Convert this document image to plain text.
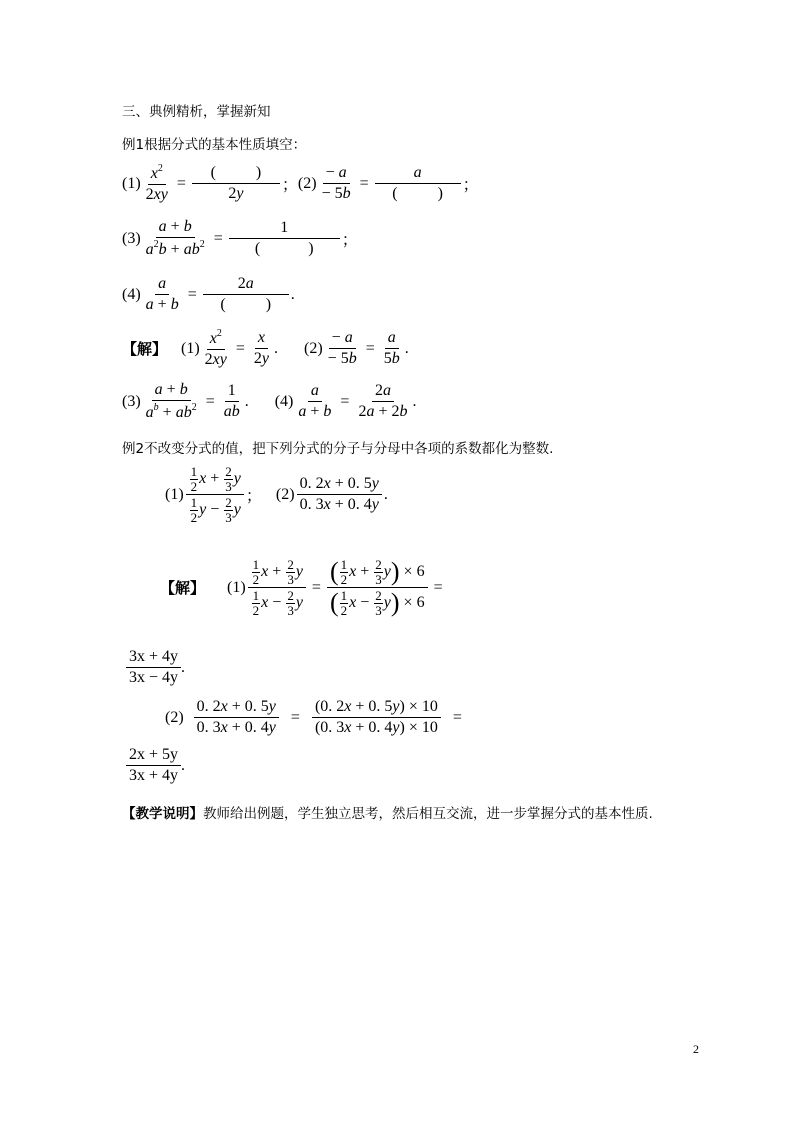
三、典例精析，掌握新知
例1根据分式的基本性质填空：
$(1) \frac{x^2}{2xy} = \frac{( )}{2y}$ ； $(2) \frac{- a}{- 5b} = \frac{a}{( )}$ ；
$(3) \frac{a + b}{a^2b + ab^2} = \frac{1}{( )}$ ；
$(4) \frac{a}{a + b} = \frac{2a}{( )}$ .
【解】 $(1) \frac{x^2}{2xy} = \frac{x}{2y}$ . $(2) \frac{- a}{- 5b} = \frac{a}{5b}$ .
$(3) \frac{a + b}{a^b + ab^2} = \frac{1}{ab}$ . $(4) \frac{a}{a + b} = \frac{2a}{2a + 2b}$ .
例2不改变分式的值，把下列分式的分子与分母中各项的系数都化为整数.
$(1) \frac{\frac{1}{2} x + \frac{2}{3} y}{\frac{1}{2} y - \frac{2}{3} y}$ ； $(2) \frac{0. 2x + 0. 5y}{0. 3x + 0. 4y}$ .
【解】 $(1) \frac{\frac{1}{2} x + \frac{2}{3} y}{\frac{1}{2} x - \frac{2}{3} y}$ = ( $\frac{1}{2}$ $x + \frac{2}{3}$ y )
× 6
( $\frac{1}{2}$ $x - \frac{2}{3}$ y )
× 6 =
$\frac{3x + 4y}{3x - 4y}$ .
$(2) \frac{0. 2x + 0. 5y}{0. 3x + 0. 4y} = \frac{(0. 2x + 0. 5y) \times 10}{(0. 3x + 0. 4y) \times 10}$ =
$\frac{2x + 5y}{3x + 4y}$ .
【教学说明】教师给出例题，学生独立思考，然后相互交流，进一步掌握分式的基本性质.
2
